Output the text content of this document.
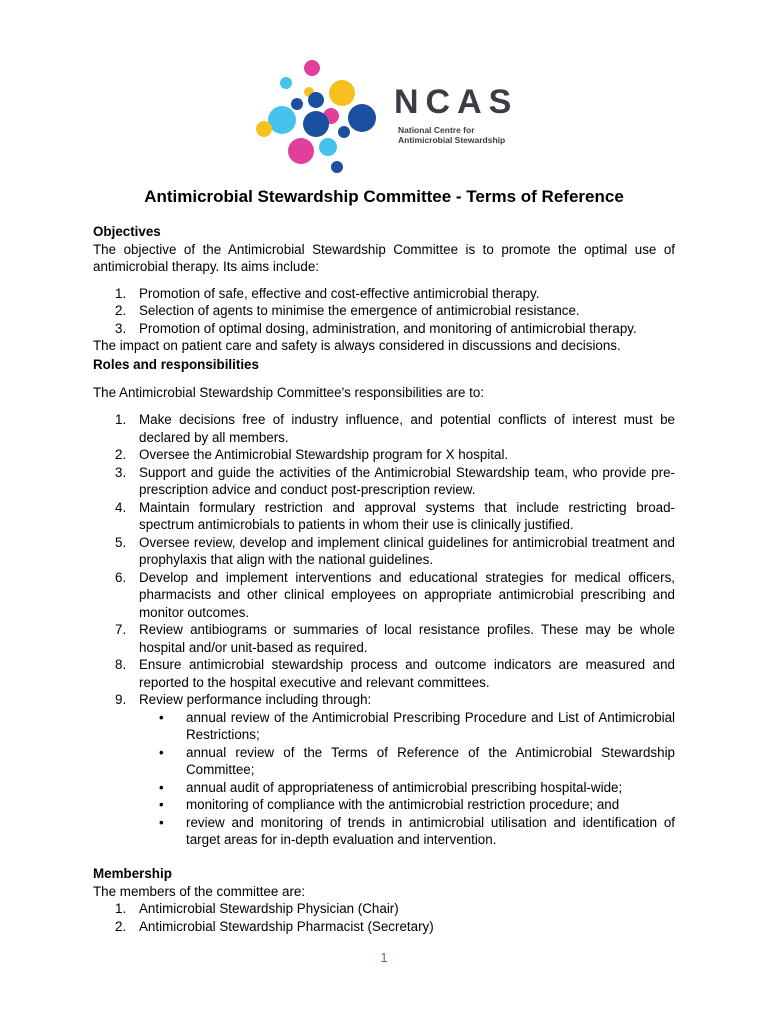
NCAS
National Centre for
Antimicrobial Stewardship
Antimicrobial Stewardship Committee - Terms of Reference
Objectives

The objective of the Antimicrobial Stewardship Committee is to promote the optimal use of antimicrobial therapy. Its aims include:

1. Promotion of safe, effective and cost-effective antimicrobial therapy.
2. Selection of agents to minimise the emergence of antimicrobial resistance.
3. Promotion of optimal dosing, administration, and monitoring of antimicrobial therapy.

The impact on patient care and safety is always considered in discussions and decisions.

Roles and responsibilities

The Antimicrobial Stewardship Committee's responsibilities are to:

1. Make decisions free of industry influence, and potential conflicts of interest must be declared by all members.
2. Oversee the Antimicrobial Stewardship program for X hospital.
3. Support and guide the activities of the Antimicrobial Stewardship team, who provide pre-prescription advice and conduct post-prescription review.
4. Maintain formulary restriction and approval systems that include restricting broad-spectrum antimicrobials to patients in whom their use is clinically justified.
5. Oversee review, develop and implement clinical guidelines for antimicrobial treatment and prophylaxis that align with the national guidelines.
6. Develop and implement interventions and educational strategies for medical officers, pharmacists and other clinical employees on appropriate antimicrobial prescribing and monitor outcomes.
7. Review antibiograms or summaries of local resistance profiles. These may be whole hospital and/or unit-based as required.
8. Ensure antimicrobial stewardship process and outcome indicators are measured and reported to the hospital executive and relevant committees.
9. Review performance including through:
• annual review of the Antimicrobial Prescribing Procedure and List of Antimicrobial Restrictions;
• annual review of the Terms of Reference of the Antimicrobial Stewardship Committee;
• annual audit of appropriateness of antimicrobial prescribing hospital-wide;
• monitoring of compliance with the antimicrobial restriction procedure; and
• review and monitoring of trends in antimicrobial utilisation and identification of target areas for in-depth evaluation and intervention.
Membership

The members of the committee are:

1. Antimicrobial Stewardship Physician (Chair)
2. Antimicrobial Stewardship Pharmacist (Secretary)
1
